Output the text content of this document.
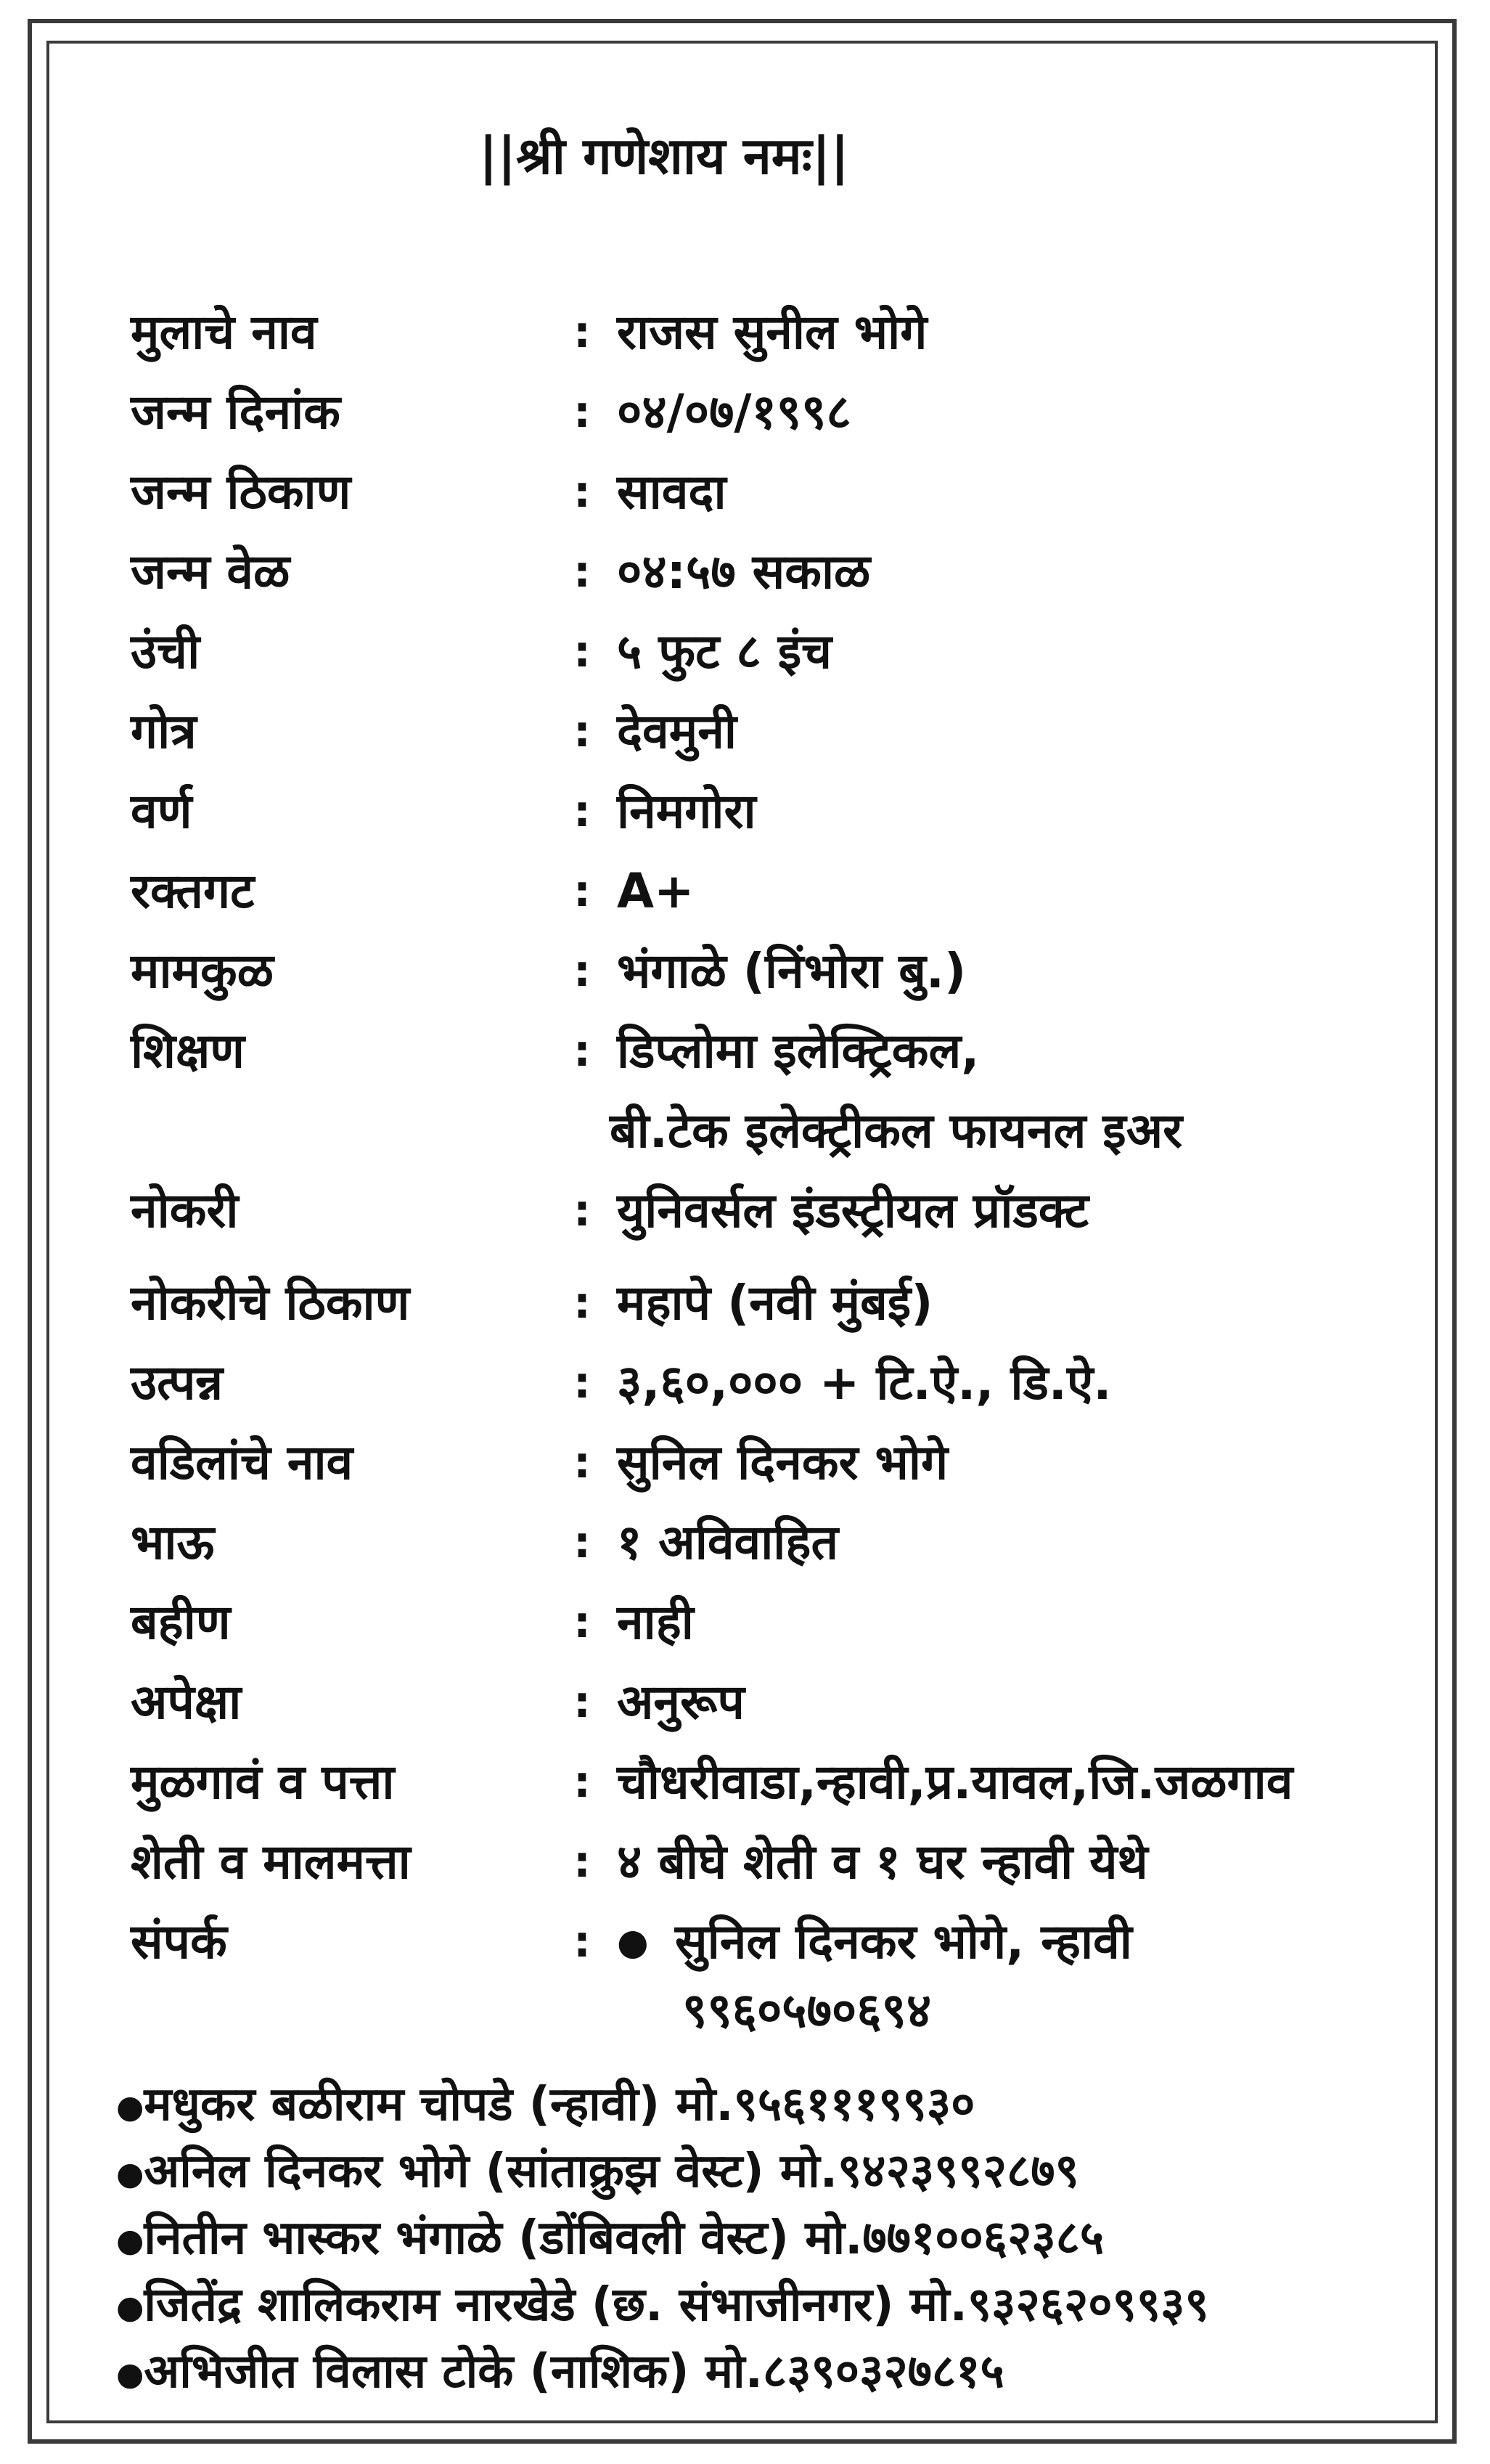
||श्री गणेशाय नमः||
मुलाचे नाव	: राजस सुनील भोगे
जन्म दिनांक	: ०४/०७/१९९८
जन्म ठिकाण	: सावदा
जन्म वेळ	: ०४:५७ सकाळ
उंची	: ५ फुट ८ इंच
गोत्र	: देवमुनी
वर्ण	: निमगोरा
रक्तगट	: A+
मामकुळ	: भंगाळे (निंभोरा बु.)
शिक्षण	: डिप्लोमा इलेक्ट्रिकल,
बी.टेक इलेक्ट्रीकल फायनल इअर
नोकरी	: युनिवर्सल इंडस्ट्रीयल प्रॉडक्ट
नोकरीचे ठिकाण	: महापे (नवी मुंबई)
उत्पन्न	: ३,६०,००० + टि.ऐ., डि.ऐ.
वडिलांचे नाव	: सुनिल दिनकर भोगे
भाऊ	: १ अविवाहित
बहीण	: नाही
अपेक्षा	: अनुरूप
मुळगावं व पत्ता	: चौधरीवाडा,न्हावी,प्र.यावल,जि.जळगाव
शेती व मालमत्ता	: ४ बीघे शेती व १ घर न्हावी येथे
संपर्क	: ● सुनिल दिनकर भोगे, न्हावी
९९६०५७०६९४
●मधुकर बळीराम चोपडे (न्हावी) मो.९५६१११९९३०
●अनिल दिनकर भोगे (सांताक्रुझ वेस्ट) मो.९४२३९९२८७९
●नितीन भास्कर भंगाळे (डोंबिवली वेस्ट) मो.७७१००६२३८५
●जितेंद्र शालिकराम नारखेडे (छ. संभाजीनगर) मो.९३२६२०९९३९
●अभिजीत विलास टोके (नाशिक) मो.८३९०३२७८१५
